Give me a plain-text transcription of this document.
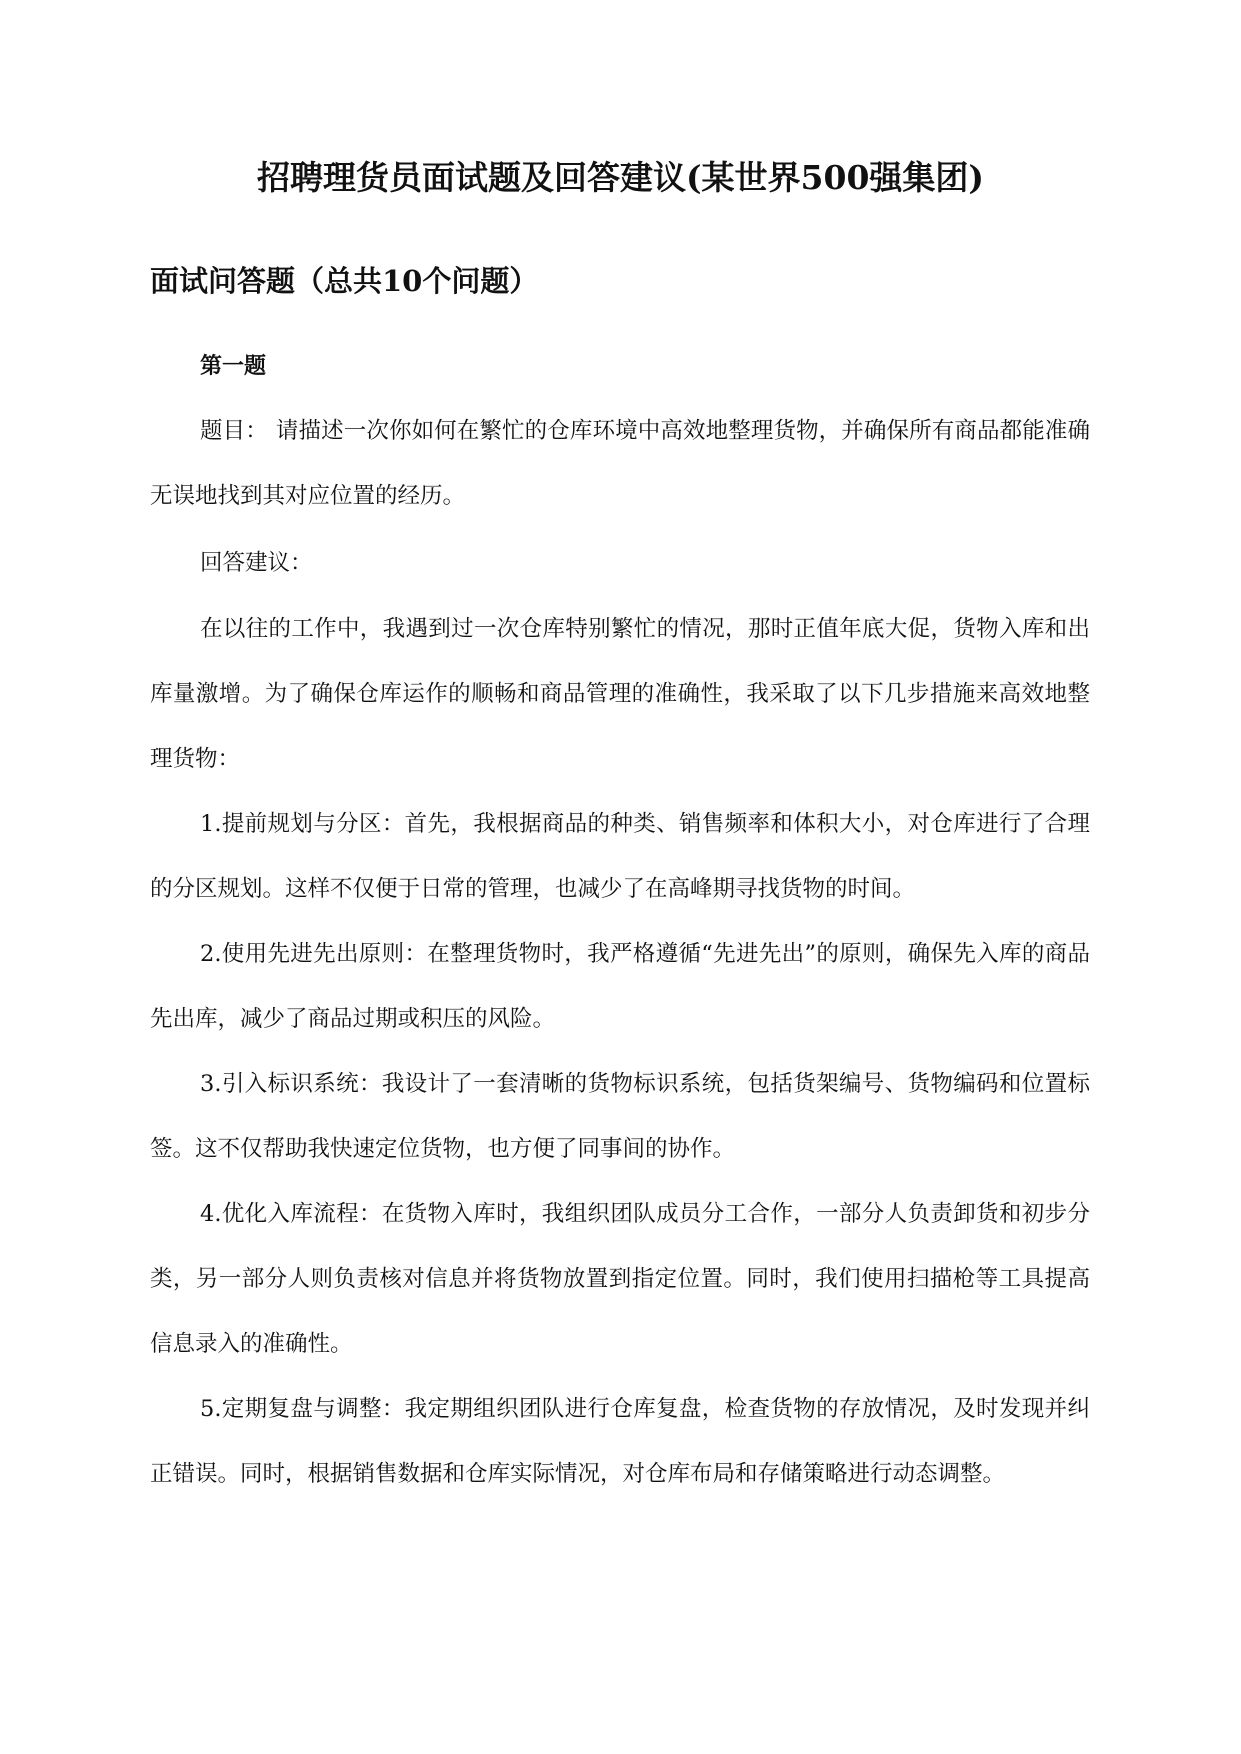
招聘理货员面试题及回答建议(某世界500强集团)
面试问答题（总共10个问题）
第一题

题目： 请描述一次你如何在繁忙的仓库环境中高效地整理货物，并确保所有商品都能准确无误地找到其对应位置的经历。

回答建议：

在以往的工作中，我遇到过一次仓库特别繁忙的情况，那时正值年底大促，货物入库和出库量激增。为了确保仓库运作的顺畅和商品管理的准确性，我采取了以下几步措施来高效地整理货物：

1.提前规划与分区：首先，我根据商品的种类、销售频率和体积大小，对仓库进行了合理的分区规划。这样不仅便于日常的管理，也减少了在高峰期寻找货物的时间。

2.使用先进先出原则：在整理货物时，我严格遵循“先进先出”的原则，确保先入库的商品先出库，减少了商品过期或积压的风险。

3.引入标识系统：我设计了一套清晰的货物标识系统，包括货架编号、货物编码和位置标签。这不仅帮助我快速定位货物，也方便了同事间的协作。

4.优化入库流程：在货物入库时，我组织团队成员分工合作，一部分人负责卸货和初步分类，另一部分人则负责核对信息并将货物放置到指定位置。同时，我们使用扫描枪等工具提高信息录入的准确性。

5.定期复盘与调整：我定期组织团队进行仓库复盘，检查货物的存放情况，及时发现并纠正错误。同时，根据销售数据和仓库实际情况，对仓库布局和存储策略进行动态调整。
